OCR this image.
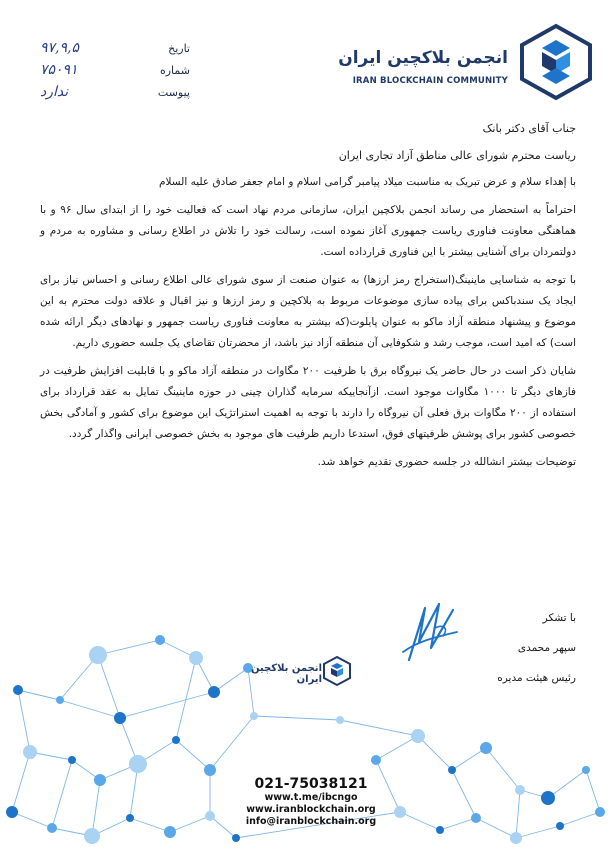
انجمن بلاکچین ایران
IRAN BLOCKCHAIN COMMUNITY
تاریخ
۹۷,۹,۵
شماره
۷۵۰۹۱
پیوست
ندارد

جناب آقای دکتر بانک

ریاست محترم شورای عالی مناطق آزاد تجاری ایران

با إهداء سلام و عرض تبریک به مناسبت میلاد پیامبر گرامی اسلام و امام جعفر صادق علیه السلام

احتراماً به استحضار می رساند انجمن بلاکچین ایران، سازمانی مردم نهاد است که فعالیت خود را از ابتدای سال ۹۶ و با هماهنگی معاونت فناوری ریاست جمهوری آغاز نموده است، رسالت خود را تلاش در اطلاع رسانی و مشاوره به مردم و دولتمردان برای آشنایی بیشتر با این فناوری قرارداده است.

با توجه به شناسایی ماینینگ(استخراج رمز ارزها) به عنوان صنعت از سوی شورای عالی اطلاع رسانی و احساس نیاز برای ایجاد یک سندباکس برای پیاده سازی موضوعات مربوط به بلاکچین و رمز ارزها و نیز اقبال و علاقه دولت محترم به این موضوع و پیشنهاد منطقه آزاد ماکو به عنوان پایلوت(که بیشتر به معاونت فناوری ریاست جمهور و نهادهای دیگر ارائه شده است) که امید است، موجب رشد و شکوفایی آن منطقه آزاد نیز باشد، از محضرتان تقاضای یک جلسه حضوری داریم.

شایان ذکر است در حال حاضر یک نیروگاه برق با ظرفیت ۲۰۰ مگاوات در منطقه آزاد ماکو و با قابلیت افزایش ظرفیت در فازهای دیگر تا ۱۰۰۰ مگاوات موجود است. ازآنجاییکه سرمایه گذاران چینی در حوزه ماینینگ تمایل به عقد قرارداد برای استفاده از ۲۰۰ مگاوات برق فعلی آن نیروگاه را دارند با توجه به اهمیت استراتژیک این موضوع برای کشور و آمادگی بخش خصوصی کشور برای پوشش ظرفیتهای فوق، استدعا داریم ظرفیت های موجود به بخش خصوصی ایرانی واگذار گردد.

توضیحات بیشتر انشالله در جلسه حضوری تقدیم خواهد شد.

با تشکر
سپهر محمدی
رئیس هیئت مدیره
انجمن بلاکچین ایران
021-75038121
www.t.me/ibcngo
www.iranblockchain.org
info@iranblockchain.org
